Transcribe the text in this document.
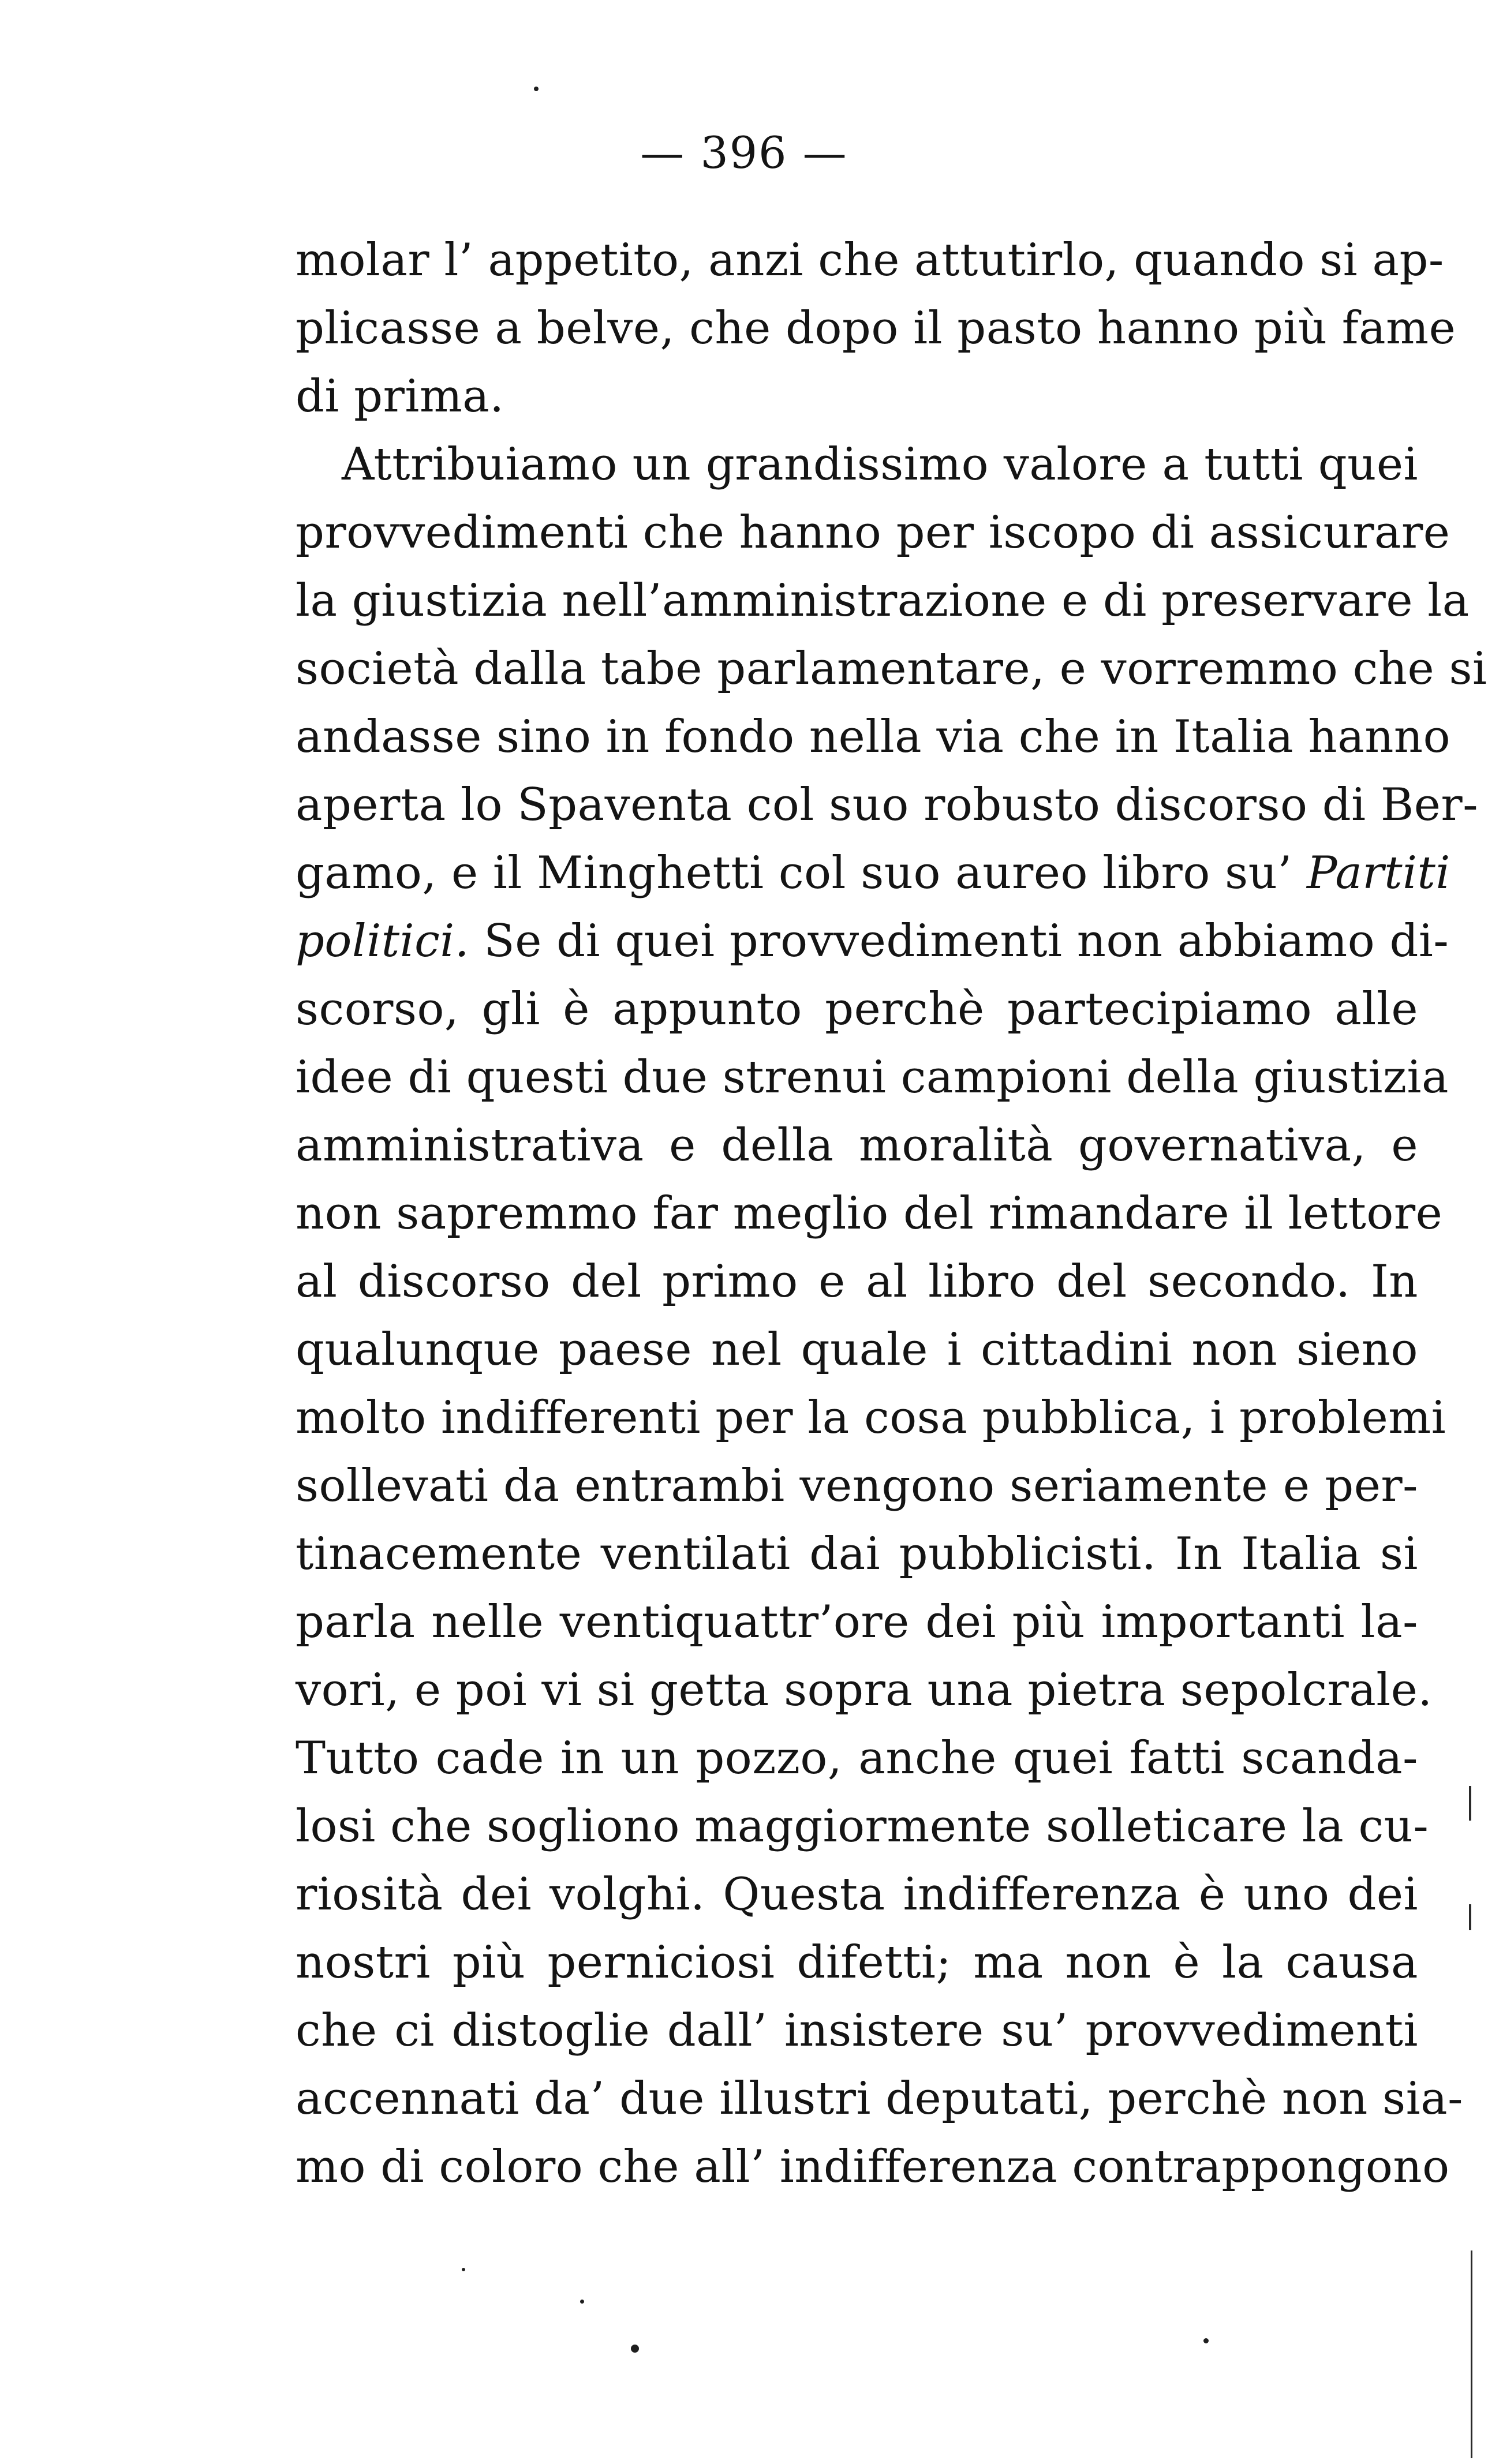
— 396 —
molar l’ appetito, anzi che attutirlo, quando si ap-
plicasse a belve, che dopo il pasto hanno più fame
di prima.
Attribuiamo un grandissimo valore a tutti quei
provvedimenti che hanno per iscopo di assicurare
la giustizia nell’amministrazione e di preservare la
società dalla tabe parlamentare, e vorremmo che si
andasse sino in fondo nella via che in Italia hanno
aperta lo Spaventa col suo robusto discorso di Ber-
gamo, e il Minghetti col suo aureo libro su’ Partiti
politici. Se di quei provvedimenti non abbiamo di-
scorso, gli è appunto perchè partecipiamo alle
idee di questi due strenui campioni della giustizia
amministrativa e della moralità governativa, e
non sapremmo far meglio del rimandare il lettore
al discorso del primo e al libro del secondo. In
qualunque paese nel quale i cittadini non sieno
molto indifferenti per la cosa pubblica, i problemi
sollevati da entrambi vengono seriamente e per-
tinacemente ventilati dai pubblicisti. In Italia si
parla nelle ventiquattr’ore dei più importanti la-
vori, e poi vi si getta sopra una pietra sepolcrale.
Tutto cade in un pozzo, anche quei fatti scanda-
losi che sogliono maggiormente solleticare la cu-
riosità dei volghi. Questa indifferenza è uno dei
nostri più perniciosi difetti; ma non è la causa
che ci distoglie dall’ insistere su’ provvedimenti
accennati da’ due illustri deputati, perchè non sia-
mo di coloro che all’ indifferenza contrappongono
